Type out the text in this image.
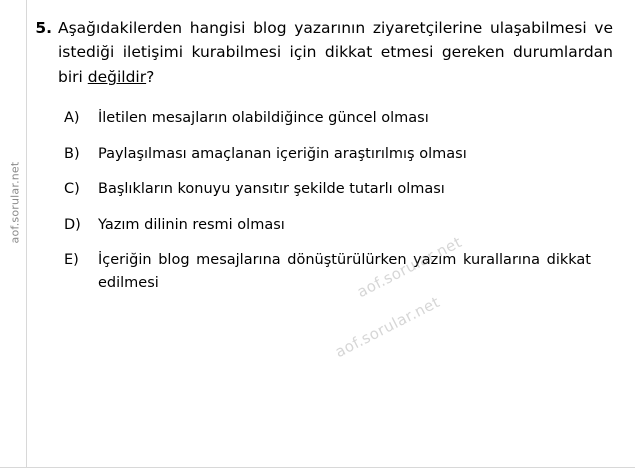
aof.sorular.net
5. Aşağıdakilerden hangisi blog yazarının ziyaretçilerine ulaşabilmesi ve istediği iletişimi kurabilmesi için dikkat etmesi gereken durumlardan biri değildir?
A)	İletilen mesajların olabildiğince güncel olması
B)	Paylaşılması amaçlanan içeriğin araştırılmış olması
C)	Başlıkların konuyu yansıtır şekilde tutarlı olması
D)	Yazım dilinin resmi olması
E)	İçeriğin blog mesajlarına dönüştürülürken yazım kurallarına dikkat edilmesi	aof.sorular.net
aof.sorular.net
